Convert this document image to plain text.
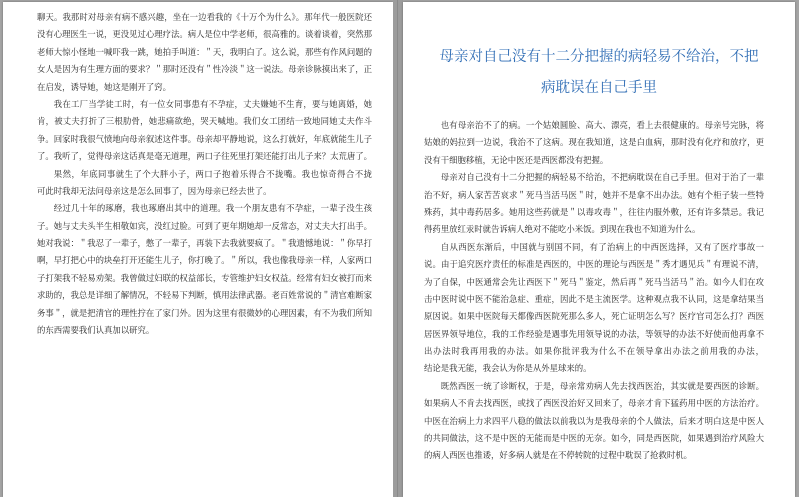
聊天。我那时对母亲有病不感兴趣，坐在一边看我的《十万个为什么》。那年代一般医院还
没有心理医生一说，更没见过心理疗法。病人是位中学老师，很高雅的。谈着谈着，突然那
老师大惊小怪地一喊吓我一跳，她拍手叫道：＂天，我明白了。这么说，那些有作风问题的
女人是因为有生理方面的要求？＂那时还没有＂性冷淡＂这一说法。母亲诊脉摸出来了，正
在启发，诱导她，她这是刚开了窍。
我在工厂当学徒工时，有一位女同事患有不孕症，丈夫嫌她不生育，要与她离婚，她
肯，被丈夫打折了三根肋骨，她悲痛欲绝，哭天喊地。我们女工团结一致地同她丈夫作斗
争。回家时我很气愤地向母亲叙述这件事。母亲却平静地说，这么打就好，年底就能生儿子
了。我听了，觉得母亲这话真是毫无道理，两口子往死里打架还能打出儿子来？太荒唐了。
果然，年底同事就生了个大胖小子，两口子抱着乐得合不拢嘴。我也惊奇得合不拢
可此时我却无法问母亲这是怎么回事了，因为母亲已经去世了。
经过几十年的琢磨，我也琢磨出其中的道理。我一个朋友患有不孕症，一辈子没生孩
子。她与丈夫头半生相敬如宾，没红过脸。可到了更年期她却一反常态，对丈夫大打出手。
她对我说：＂我忍了一辈子，憋了一辈子，再装下去我就要疯了。＂我遗憾地说：＂你早打
啊，早打把心中的块垒打开还能生儿子，你打晚了。＂所以，我也像我母亲一样，人家两口
子打架我不轻易劝架。我曾做过妇联的权益部长，专管维护妇女权益。经常有妇女被打而来
求助的，我总是详细了解情况，不轻易下判断，慎用法律武器。老百姓常说的＂清官难断家
务事＂，就是把清官的理性拧在了家门外。因为这里有很微妙的心理因素，有不为我们所知
的东西需要我们认真加以研究。
母亲对自己没有十二分把握的病轻易不给治，不把
病耽误在自己手里
也有母亲治不了的病。一个姑娘圆脸、高大、漂亮，看上去很健康的。母亲号完脉，将
姑娘的妈拉到一边说，我治不了这病。现在我知道，这是白血病，那时没有化疗和放疗，更
没有干细胞移植，无论中医还是西医都没有把握。
母亲对自己没有十二分把握的病轻易不给治，不把病耽误在自己手里。但对于治了一辈
治不好，病人家苦苦哀求＂死马当活马医＂时，她并不是拿不出办法。她有个柜子装一些特
殊药，其中毒药居多。她用这些药就是＂以毒攻毒＂，往往内服外敷，还有许多禁忌。我记
得药里放红汞时就告诉病人绝对不能吃小米饭。到现在我也不知道为什么。
自从西医东渐后，中国就与别国不同，有了治病上的中西医选择，又有了医疗事故一
说。由于追究医疗责任的标准是西医的，中医的理论与西医是＂秀才遇见兵＂有理说不清，
为了自保，中医通常会先让西医下＂死马＂鉴定，然后再＂死马当活马＂治。如今人们在攻
击中医时说中医不能治急症、重症，因此不是主流医学。这种观点我不认同，这是拿结果当
原因说。如果中医院每天都像西医院死那么多人，死亡证明怎么写？医疗官司怎么打？西医
居医界领导地位，我的工作经验是遇事先用领导说的办法，等领导的办法不好使而他再拿不
出办法时我再用我的办法。如果你批评我为什么不在领导拿出办法之前用我的办法，
结论是我无能，我会认为你是从外星球来的。
既然西医一统了诊断权，于是，母亲常劝病人先去找西医治，其实就是要西医的诊断。
如果病人不肯去找西医，或找了西医没治好又回来了，母亲才肯下猛药用中医的方法治疗。
中医在治病上力求四平八稳的做法以前我以为是我母亲的个人做法，后来才明白这是中医人
的共同做法，这不是中医的无能而是中医的无奈。如今，同是西医院，如果遇到治疗风险大
的病人西医也推诿，好多病人就是在不停转院的过程中耽误了抢救时机。
